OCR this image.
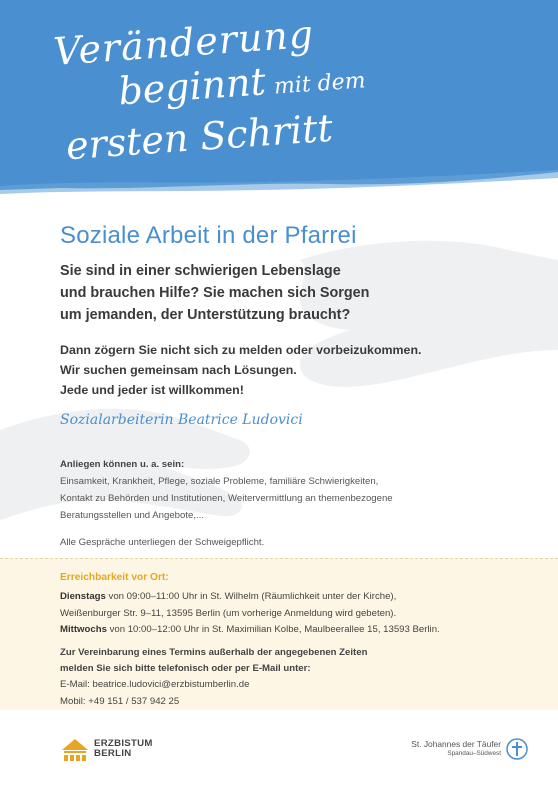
Veränderung
beginnt mit dem
ersten Schritt
Soziale Arbeit in der Pfarrei
Sie sind in einer schwierigen Lebenslage
und brauchen Hilfe? Sie machen sich Sorgen
um jemanden, der Unterstützung braucht?
Dann zögern Sie nicht sich zu melden oder vorbeizukommen.
Wir suchen gemeinsam nach Lösungen.
Jede und jeder ist willkommen!
Sozialarbeiterin Beatrice Ludovici
Anliegen können u. a. sein:
Einsamkeit, Krankheit, Pflege, soziale Probleme, familiäre Schwierigkeiten,
Kontakt zu Behörden und Institutionen, Weitervermittlung an themenbezogene
Beratungsstellen und Angebote,...
Alle Gespräche unterliegen der Schweigepflicht.
Erreichbarkeit vor Ort:
Dienstags von 09:00–11:00 Uhr in St. Wilhelm (Räumlichkeit unter der Kirche),
Weißenburger Str. 9–11, 13595 Berlin (um vorherige Anmeldung wird gebeten).
Mittwochs von 10:00–12:00 Uhr in St. Maximilian Kolbe, Maulbeerallee 15, 13593 Berlin.
Zur Vereinbarung eines Termins außerhalb der angegebenen Zeiten
melden Sie sich bitte telefonisch oder per E-Mail unter:
E-Mail: beatrice.ludovici@erzbistumberlin.de
Mobil: +49 151 / 537 942 25
ERZBISTUM
BERLIN
St. Johannes der Täufer
Spandau–Südwest
